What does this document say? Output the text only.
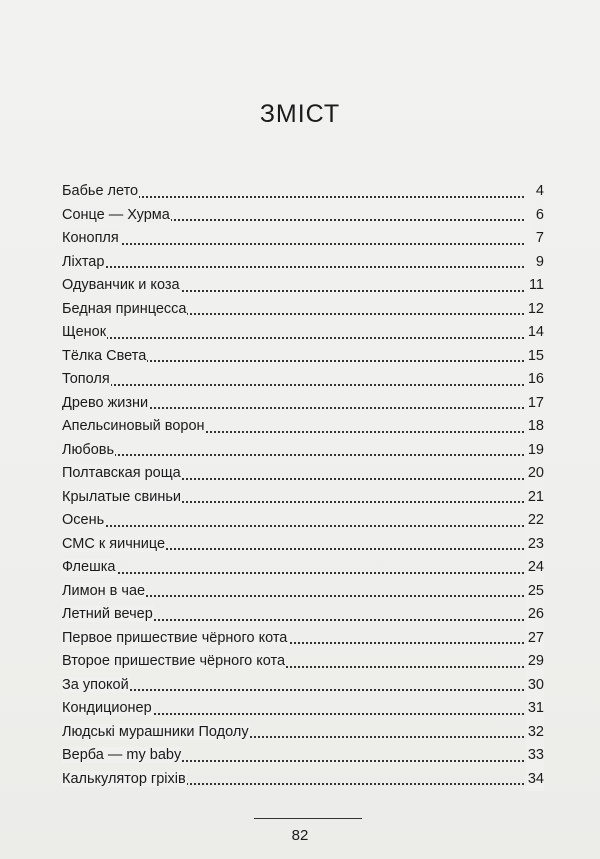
ЗМІСТ
Бабье лето	4
Сонце — Хурма	6
Конопля	7
Ліхтар	9
Одуванчик и коза	11
Бедная принцесса	12
Щенок	14
Тёлка Света	15
Тополя	16
Древо жизни	17
Апельсиновый ворон	18
Любовь	19
Полтавская роща	20
Крылатые свиньи	21
Осень	22
СМС к яичнице	23
Флешка	24
Лимон в чае	25
Летний вечер	26
Первое пришествие чёрного кота	27
Второе пришествие чёрного кота	29
За упокой	30
Кондиционер	31
Людські мурашники Подолу	32
Верба — my baby	33
Калькулятор гріхів	34
82
